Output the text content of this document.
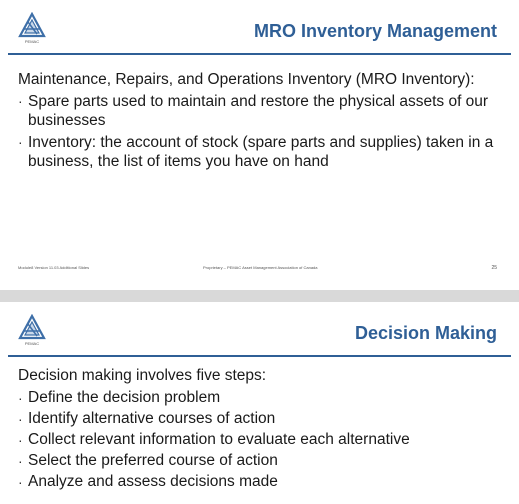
PEMAC
MRO Inventory Management
Maintenance, Repairs, and Operations Inventory (MRO Inventory):
· Spare parts used to maintain and restore the physical assets of our businesses
· Inventory: the account of stock (spare parts and supplies) taken in a business, the list of items you have on hand
Module8 Version 11.03 Additional Slides	Proprietary – PEMAC Asset Management Association of Canada	25
PEMAC
Decision Making
Decision making involves five steps:
· Define the decision problem
· Identify alternative courses of action
· Collect relevant information to evaluate each alternative
· Select the preferred course of action
· Analyze and assess decisions made
